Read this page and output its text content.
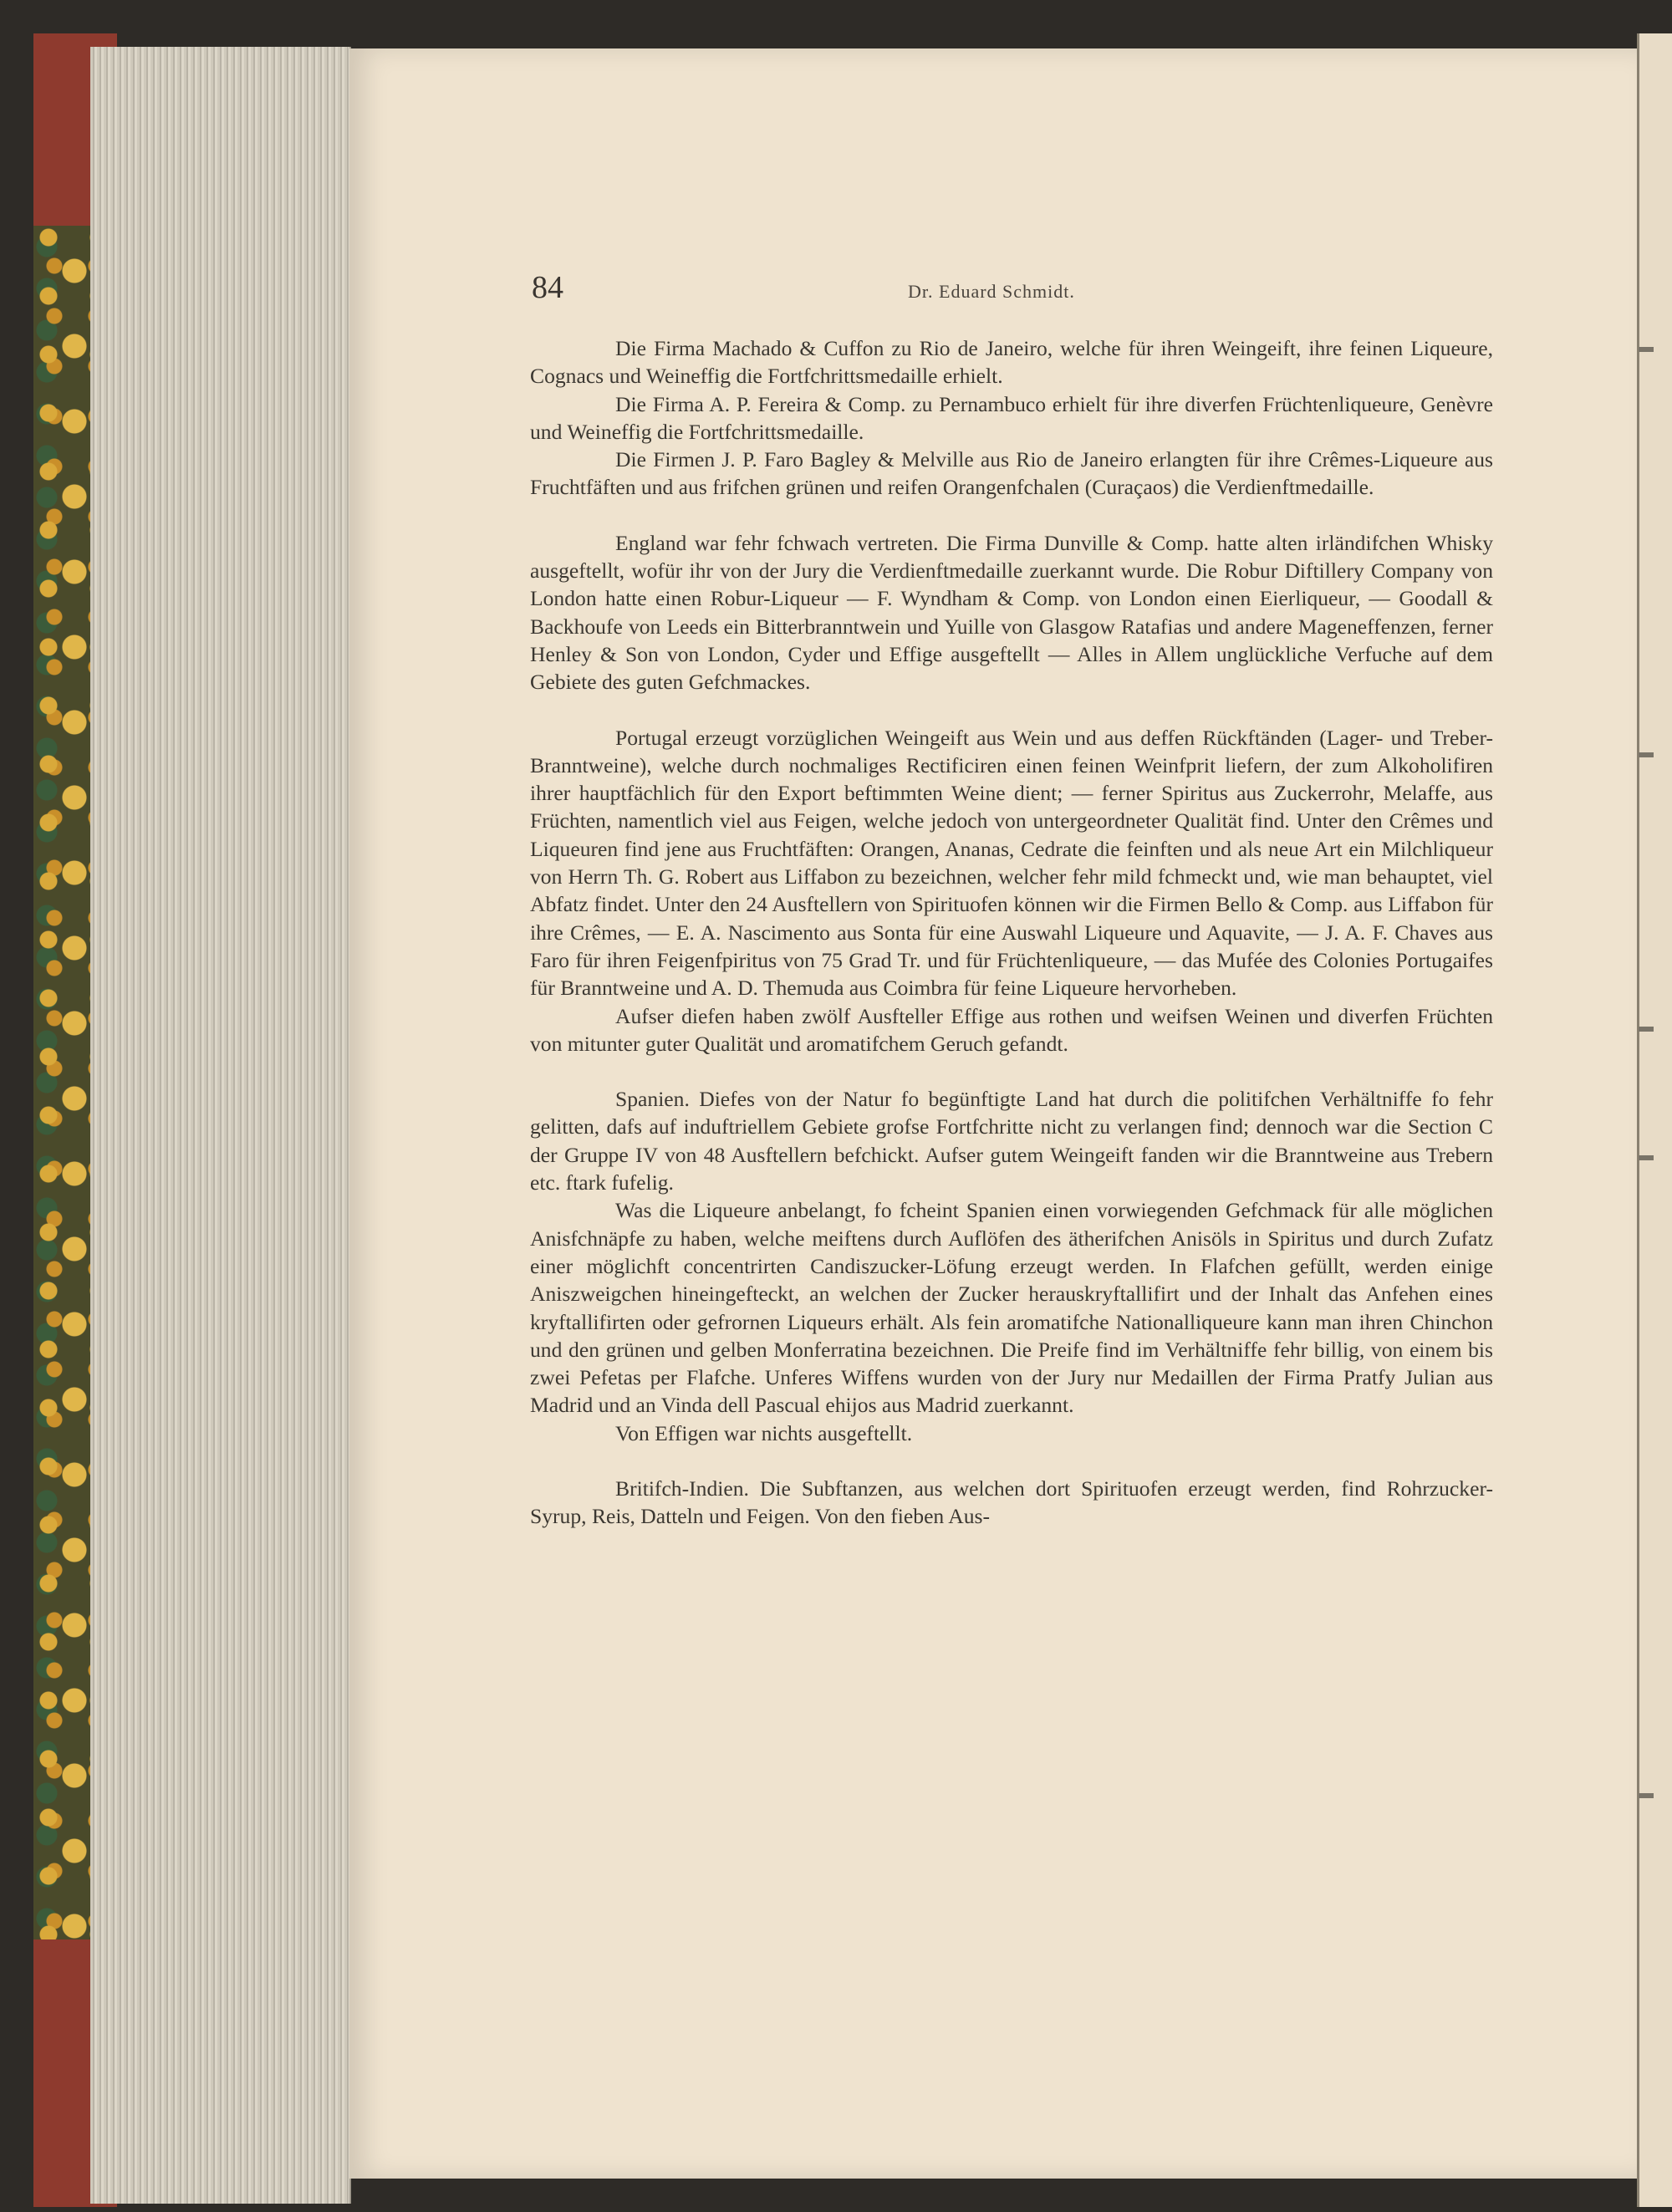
84	Dr. Eduard Schmidt.

Die Firma Machado & Cuffon zu Rio de Janeiro, welche für ihren Weingeift, ihre feinen Liqueure, Cognacs und Weineffig die Fortfchrittsmedaille erhielt.

Die Firma A. P. Fereira & Comp. zu Pernambuco erhielt für ihre diverfen Früchtenliqueure, Genèvre und Weineffig die Fortfchrittsmedaille.

Die Firmen J. P. Faro Bagley & Melville aus Rio de Janeiro erlangten für ihre Crêmes-Liqueure aus Fruchtfäften und aus frifchen grünen und reifen Orangenfchalen (Curaçaos) die Verdienftmedaille.

England war fehr fchwach vertreten. Die Firma Dunville & Comp. hatte alten irländifchen Whisky ausgeftellt, wofür ihr von der Jury die Verdienftmedaille zuerkannt wurde. Die Robur Diftillery Company von London hatte einen Robur-Liqueur — F. Wyndham & Comp. von London einen Eierliqueur, — Goodall & Backhoufe von Leeds ein Bitterbranntwein und Yuille von Glasgow Ratafias und andere Mageneffenzen, ferner Henley & Son von London, Cyder und Effige ausgeftellt — Alles in Allem unglückliche Verfuche auf dem Gebiete des guten Gefchmackes.

Portugal erzeugt vorzüglichen Weingeift aus Wein und aus deffen Rückftänden (Lager- und Treber-Branntweine), welche durch nochmaliges Rectificiren einen feinen Weinfprit liefern, der zum Alkoholifiren ihrer hauptfächlich für den Export beftimmten Weine dient; — ferner Spiritus aus Zuckerrohr, Melaffe, aus Früchten, namentlich viel aus Feigen, welche jedoch von untergeordneter Qualität find. Unter den Crêmes und Liqueuren find jene aus Fruchtfäften: Orangen, Ananas, Cedrate die feinften und als neue Art ein Milchliqueur von Herrn Th. G. Robert aus Liffabon zu bezeichnen, welcher fehr mild fchmeckt und, wie man behauptet, viel Abfatz findet. Unter den 24 Ausftellern von Spirituofen können wir die Firmen Bello & Comp. aus Liffabon für ihre Crêmes, — E. A. Nascimento aus Sonta für eine Auswahl Liqueure und Aquavite, — J. A. F. Chaves aus Faro für ihren Feigenfpiritus von 75 Grad Tr. und für Früchtenliqueure, — das Mufée des Colonies Portugaifes für Branntweine und A. D. Themuda aus Coimbra für feine Liqueure hervorheben.

Aufser diefen haben zwölf Ausfteller Effige aus rothen und weifsen Weinen und diverfen Früchten von mitunter guter Qualität und aromatifchem Geruch gefandt.

Spanien. Diefes von der Natur fo begünftigte Land hat durch die politifchen Verhältniffe fo fehr gelitten, dafs auf induftriellem Gebiete grofse Fortfchritte nicht zu verlangen find; dennoch war die Section C der Gruppe IV von 48 Ausftellern befchickt. Aufser gutem Weingeift fanden wir die Branntweine aus Trebern etc. ftark fufelig.

Was die Liqueure anbelangt, fo fcheint Spanien einen vorwiegenden Gefchmack für alle möglichen Anisfchnäpfe zu haben, welche meiftens durch Auflöfen des ätherifchen Anisöls in Spiritus und durch Zufatz einer möglichft concentrirten Candiszucker-Löfung erzeugt werden. In Flafchen gefüllt, werden einige Aniszweigchen hineingefteckt, an welchen der Zucker herauskryftallifirt und der Inhalt das Anfehen eines kryftallifirten oder gefrornen Liqueurs erhält. Als fein aromatifche Nationalliqueure kann man ihren Chinchon und den grünen und gelben Monferratina bezeichnen. Die Preife find im Verhältniffe fehr billig, von einem bis zwei Pefetas per Flafche. Unferes Wiffens wurden von der Jury nur Medaillen der Firma Pratfy Julian aus Madrid und an Vinda dell Pascual ehijos aus Madrid zuerkannt.

Von Effigen war nichts ausgeftellt.

Britifch-Indien. Die Subftanzen, aus welchen dort Spirituofen erzeugt werden, find Rohrzucker-Syrup, Reis, Datteln und Feigen. Von den fieben Aus-
